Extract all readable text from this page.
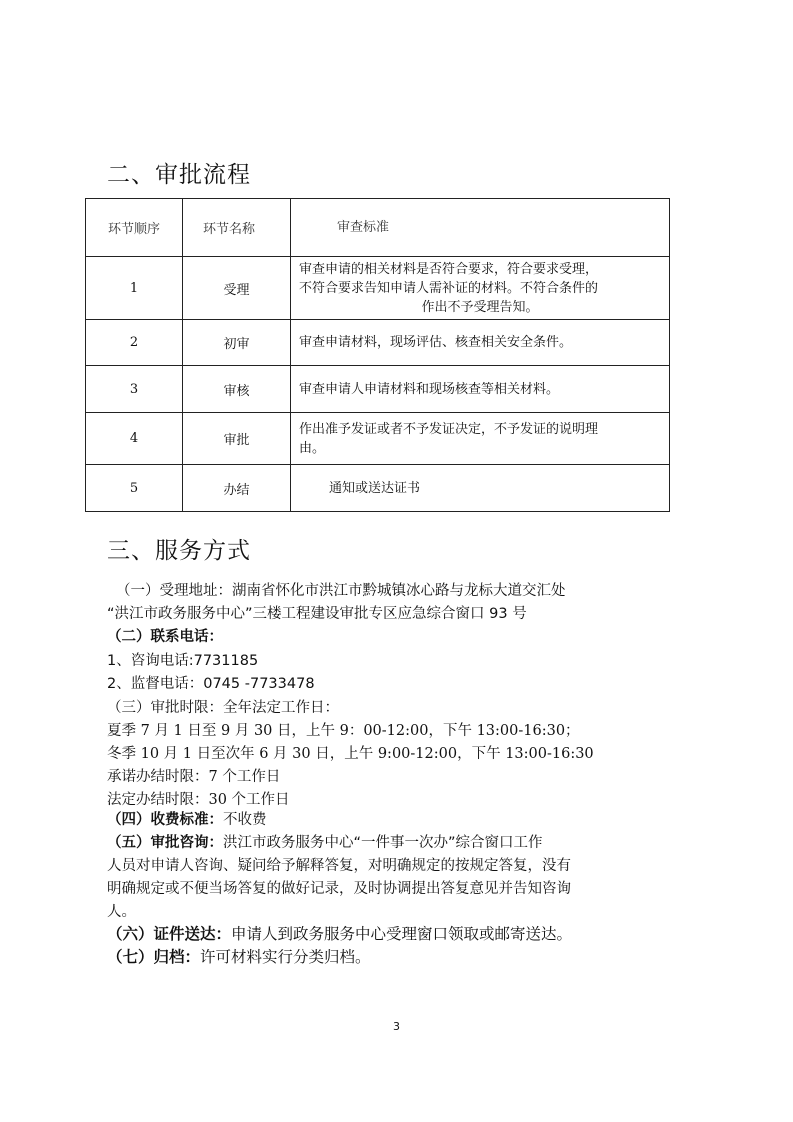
二、审批流程
环节顺序	环节名称	审查标准

1	受理	审查申请的相关材料是否符合要求，符合要求受理，
不符合要求告知申请人需补证的材料。不符合条件的
作出不予受理告知。

2	初审	审查申请材料，现场评估、核查相关安全条件。

3	审核	审查申请人申请材料和现场核查等相关材料。

4	审批	作出准予发证或者不予发证决定，不予发证的说明理
由。

5	办结	通知或送达证书
三、服务方式
（一）受理地址：湖南省怀化市洪江市黔城镇冰心路与龙标大道交汇处
“洪江市政务服务中心”三楼工程建设审批专区应急综合窗口 93 号
（二）联系电话：
1、咨询电话:7731185
2、监督电话：0745 -7733478
（三）审批时限：全年法定工作日：
夏季 7 月 1 日至 9 月 30 日，上午 9：00-12:00，下午 13:00-16:30；
冬季 10 月 1 日至次年 6 月 30 日，上午 9:00-12:00，下午 13:00-16:30
承诺办结时限：7 个工作日
法定办结时限：30 个工作日
（四）收费标准：不收费
（五）审批咨询：洪江市政务服务中心“一件事一次办”综合窗口工作
人员对申请人咨询、疑问给予解释答复，对明确规定的按规定答复，没有
明确规定或不便当场答复的做好记录，及时协调提出答复意见并告知咨询
人。
（六）证件送达：申请人到政务服务中心受理窗口领取或邮寄送达。
（七）归档：许可材料实行分类归档。
3
